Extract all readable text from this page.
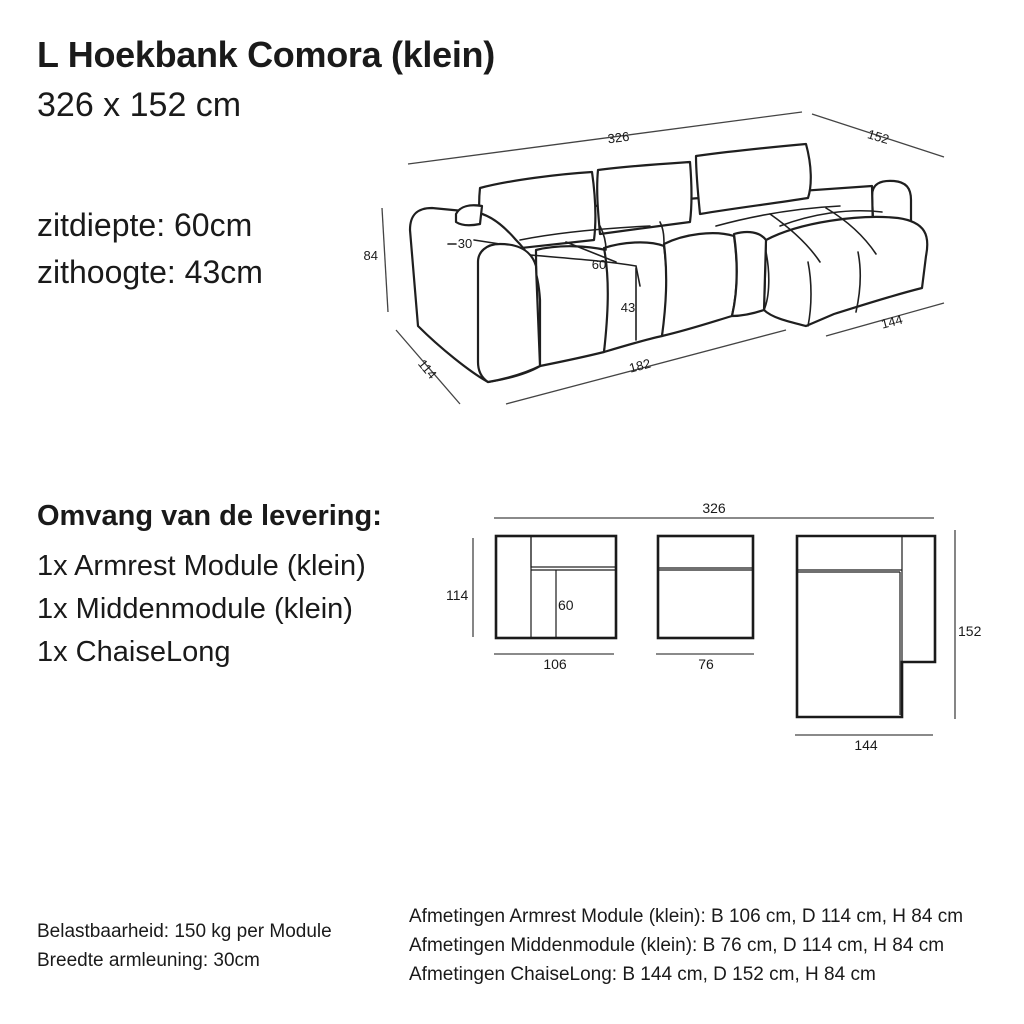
L Hoekbank Comora (klein)
326 x 152 cm
zitdiepte: 60cm
zithoogte: 43cm
326	152
84
114	182
144
60
43
30
Omvang van de levering:
1x Armrest Module (klein)
1x Middenmodule (klein)
1x ChaiseLong
326
114
60
106	76
152
144
Belastbaarheid: 150 kg per Module
Breedte armleuning: 30cm
Afmetingen Armrest Module (klein): B 106 cm, D 114 cm, H 84 cm
Afmetingen Middenmodule (klein): B 76 cm, D 114 cm, H 84 cm
Afmetingen ChaiseLong: B 144 cm, D 152 cm, H 84 cm
